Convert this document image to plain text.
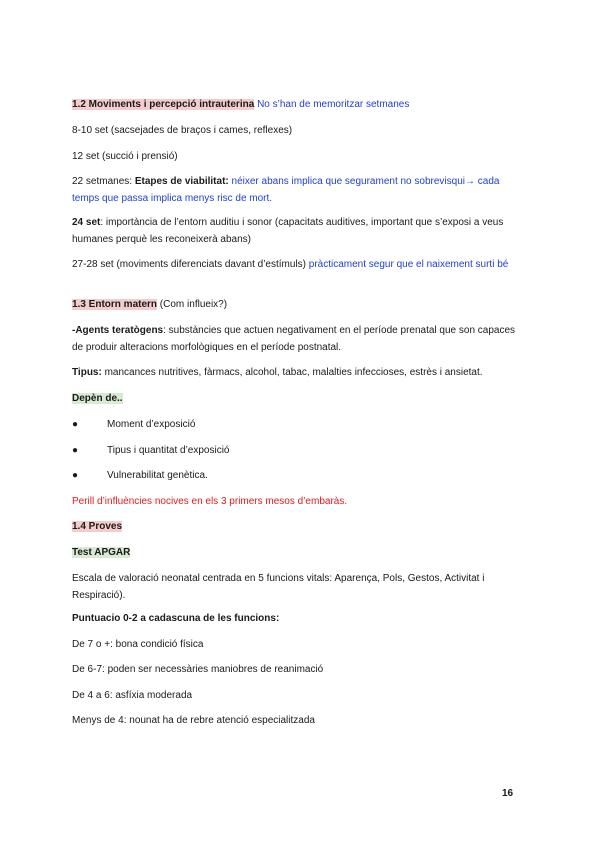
1.2 Moviments i percepció intrauterina No s’han de memoritzar setmanes

8-10 set (sacsejades de braços i cames, reflexes)

12 set (succió i prensió)

22 setmanes: Etapes de viabilitat: néixer abans implica que segurament no sobrevisqui→ cada temps que passa implica menys risc de mort.

24 set: importància de l’entorn auditiu i sonor (capacitats auditives, important que s’exposi a veus humanes perquè les reconeixerà abans)

27-28 set (moviments diferenciats davant d’estímuls) pràcticament segur que el naixement surti bé

1.3 Entorn matern (Com influeix?)

-Agents teratògens: substàncies que actuen negativament en el període prenatal que son capaces de produir alteracions morfològiques en el període postnatal.

Tipus: mancances nutritives, fàrmacs, alcohol, tabac, malalties infeccioses, estrès i ansietat.

Depèn de..

●	Moment d’exposició
●	Tipus i quantitat d’exposició
●	Vulnerabilitat genètica.

Perill d’influències nocives en els 3 primers mesos d’embaràs.

1.4 Proves

Test APGAR

Escala de valoració neonatal centrada en 5 funcions vitals: Aparença, Pols, Gestos, Activitat i Respiració).

Puntuacio 0-2 a cadascuna de les funcions:

De 7 o +: bona condició física

De 6-7: poden ser necessàries maniobres de reanimació

De 4 a 6: asfíxia moderada

Menys de 4: nounat ha de rebre atenció especialitzada

16
